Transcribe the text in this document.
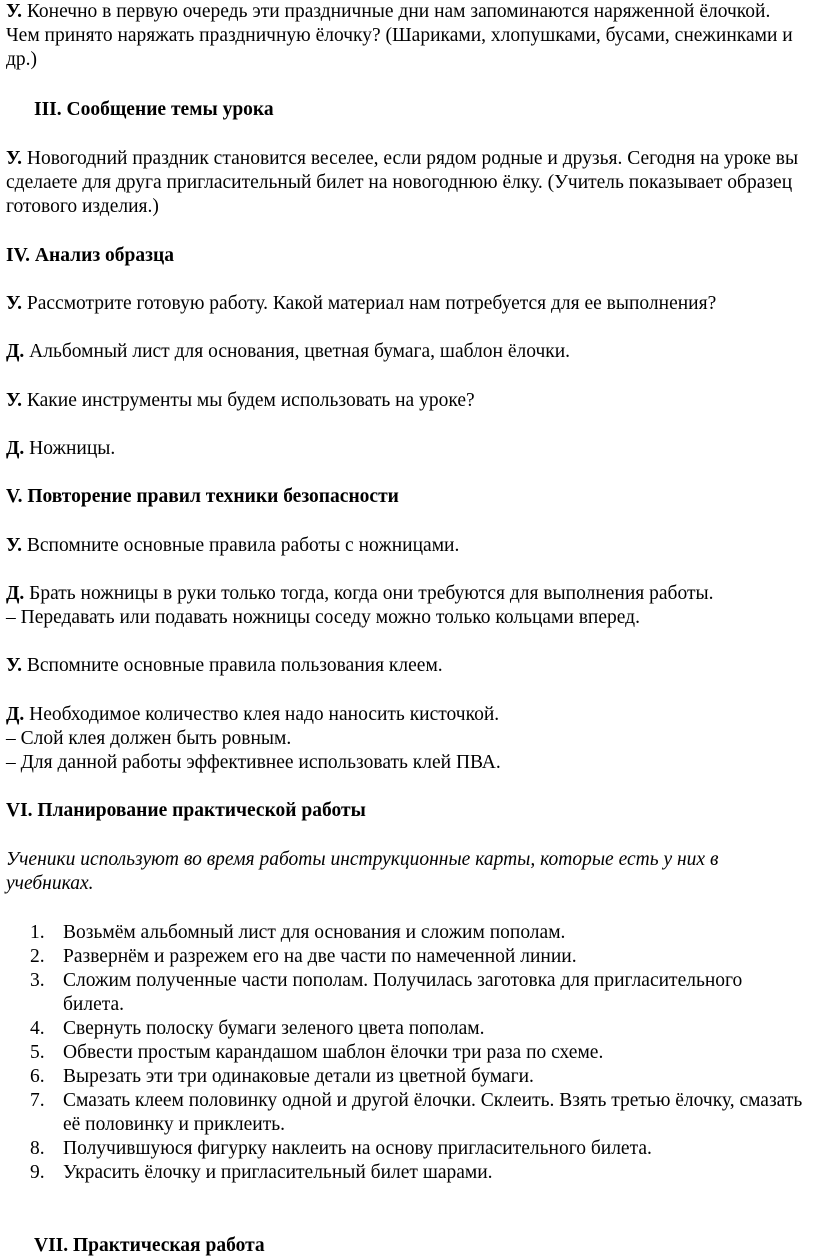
У. Конечно в первую очередь эти праздничные дни нам запоминаются наряженной ёлочкой. Чем принято наряжать праздничную ёлочку? (Шариками, хлопушками, бусами, снежинками и др.)

III. Сообщение темы урока

У. Новогодний праздник становится веселее, если рядом родные и друзья. Сегодня на уроке вы сделаете для друга пригласительный билет на новогоднюю ёлку. (Учитель показывает образец готового изделия.)

IV. Анализ образца

У. Рассмотрите готовую работу. Какой материал нам потребуется для ее выполнения?

Д. Альбомный лист для основания, цветная бумага, шаблон ёлочки.

У. Какие инструменты мы будем использовать на уроке?

Д. Ножницы.

V. Повторение правил техники безопасности

У. Вспомните основные правила работы с ножницами.

Д. Брать ножницы в руки только тогда, когда они требуются для выполнения работы.

– Передавать или подавать ножницы соседу можно только кольцами вперед.

У. Вспомните основные правила пользования клеем.

Д. Необходимое количество клея надо наносить кисточкой.

– Слой клея должен быть ровным.

– Для данной работы эффективнее использовать клей ПВА.

VI. Планирование практической работы

Ученики используют во время работы инструкционные карты, которые есть у них в учебниках.

1. Возьмём альбомный лист для основания и сложим пополам.
2. Развернём и разрежем его на две части по намеченной линии.
3. Сложим полученные части пополам. Получилась заготовка для пригласительного билета.
4. Свернуть полоску бумаги зеленого цвета пополам.
5. Обвести простым карандашом шаблон ёлочки три раза по схеме.
6. Вырезать эти три одинаковые детали из цветной бумаги.
7. Смазать клеем половинку одной и другой ёлочки. Склеить. Взять третью ёлочку, смазать её половинку и приклеить.
8. Получившуюся фигурку наклеить на основу пригласительного билета.
9. Украсить ёлочку и пригласительный билет шарами.

VII. Практическая работа
